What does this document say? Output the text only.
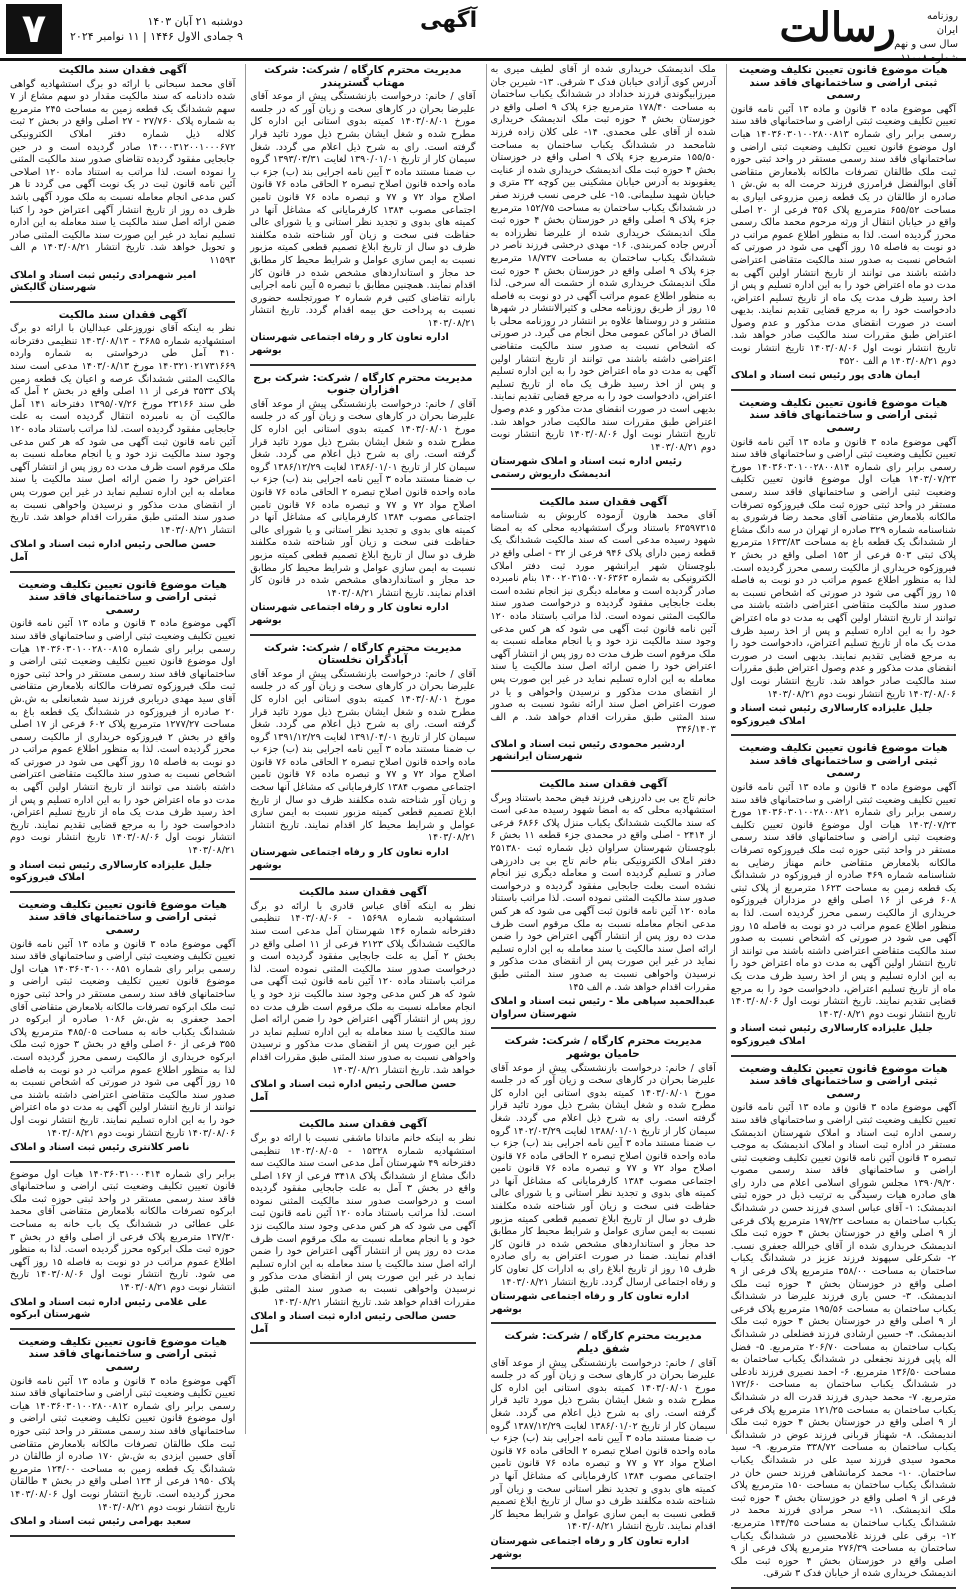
روزنامه
ایران
سال سی و نهم
شماره ۱۱۰۰۸
رسالت
آگهی
دوشنبه ۲۱ آبان ۱۴۰۳
۹ جمادی الاول ۱۴۴۶ | ۱۱ نوامبر ۲۰۲۴
۷
هیات موضوع قانون تعیین تکلیف وضعیت ثبتی اراضی و ساختمانهای فاقد سند رسمی

آگهی موضوع ماده ۳ قانون و ماده ۱۳ آئین نامه قانون تعیین تکلیف وضعیت ثبتی اراضی و ساختمانهای فاقد سند رسمی برابر رای شماره ۱۴۰۳۶۰۳۰۱۰۰۲۸۰۰۸۱۳ هیات اول موضوع قانون تعیین تکلیف وضعیت ثبتی اراضی و ساختمانهای فاقد سند رسمی مستقر در واحد ثبتی حوزه ثبت ملک طالقان تصرفات مالکانه بلامعارض متقاضی آقای ابوالفضل فرامرزی فرزند حرمت اله به ش.ش ۱ صادره از طالقان در یک قطعه زمین مزروعی ابیاری به مساحت ۶۵۵/۵۲ مترمربع پلاک ۳۵۶ فرعی از ۲۰ اصلی واقع در خیابان انتقال از ورثه مرحوم محمد مالک رسمی محرز گردیده است. لذا به منظور اطلاع عموم مراتب در دو نوبت به فاصله ۱۵ روز آگهی می شود در صورتی که اشخاص نسبت به صدور سند مالکیت متقاضی اعتراضی داشته باشند می توانند از تاریخ انتشار اولین آگهی به مدت دو ماه اعتراض خود را به این اداره تسلیم و پس از اخذ رسید ظرف مدت یک ماه از تاریخ تسلیم اعتراض، دادخواست خود را به مرجع قضایی تقدیم نمایند. بدیهی است در صورت انقضای مدت مذکور و عدم وصول اعتراض طبق مقررات سند مالکیت صادر خواهد شد. تاریخ انتشار نوبت اول ۱۴۰۳/۰۸/۰۶ تاریخ انتشار نوبت دوم ۱۴۰۳/۰۸/۲۱ م الف ۴۵۲۰

ایمان هادی پور رئیس ثبت اسناد و املاک
هیات موضوع قانون تعیین تکلیف وضعیت ثبتی اراضی و ساختمانهای فاقد سند رسمی

آگهی موضوع ماده ۳ قانون و ماده ۱۳ آئین نامه قانون تعیین تکلیف وضعیت ثبتی اراضی و ساختمانهای فاقد سند رسمی برابر رای شماره ۱۴۰۳۶۰۳۰۱۰۰۲۸۰۰۸۱۴ مورخ ۱۴۰۳/۰۷/۲۳ هیات اول موضوع قانون تعیین تکلیف وضعیت ثبتی اراضی و ساختمانهای فاقد سند رسمی مستقر در واحد ثبتی حوزه ثبت ملک فیروزکوه تصرفات مالکانه بلامعارض متقاضی آقای محمد رضا فرشوری به شناسنامه شماره ۳۲۹ صادره از تهران در سه دانگ مشاع از ششدانگ یک قطعه باغ به مساحت ۱۶۳۳/۸۳ مترمربع پلاک ثبتی ۵۰۳ فرعی از ۱۵۳ اصلی واقع در بخش ۲ فیروزکوه خریداری از مالکیت رسمی محرز گردیده است. لذا به منظور اطلاع عموم مراتب در دو نوبت به فاصله ۱۵ روز آگهی می شود در صورتی که اشخاص نسبت به صدور سند مالکیت متقاضی اعتراضی داشته باشند می توانند از تاریخ انتشار اولین آگهی به مدت دو ماه اعتراض خود را به این اداره تسلیم و پس از اخذ رسید ظرف مدت یک ماه از تاریخ تسلیم اعتراض، دادخواست خود را به مرجع قضایی تقدیم نمایند. بدیهی است در صورت انقضای مدت مذکور و عدم وصول اعتراض طبق مقررات سند مالکیت صادر خواهد شد. تاریخ انتشار نوبت اول ۱۴۰۳/۰۸/۰۶ تاریخ انتشار نوبت دوم ۱۴۰۳/۰۸/۲۱

جلیل علیزاده کارسالاری رئیس ثبت اسناد و املاک فیروزکوه
هیات موضوع قانون تعیین تکلیف وضعیت ثبتی اراضی و ساختمانهای فاقد سند رسمی

آگهی موضوع ماده ۳ قانون و ماده ۱۳ آئین نامه قانون تعیین تکلیف وضعیت ثبتی اراضی و ساختمانهای فاقد سند رسمی برابر رای شماره ۱۴۰۳۶۰۳۰۱۰۰۲۸۰۰۸۲۱ مورخ ۱۴۰۳/۰۷/۲۳ هیات اول موضوع قانون تعیین تکلیف وضعیت ثبتی اراضی و ساختمانهای فاقد سند رسمی مستقر در واحد ثبتی حوزه ثبت ملک فیروزکوه تصرفات مالکانه بلامعارض متقاضی خانم مهناز رضایی به شناسنامه شماره ۴۶۹ صادره از فیروزکوه در ششدانگ یک قطعه زمین به مساحت ۱۶۲۳ مترمربع از پلاک ثبتی ۶۰۸ فرعی از ۱۶ اصلی واقع در مزداران فیروزکوه خریداری از مالکیت رسمی محرز گردیده است. لذا به منظور اطلاع عموم مراتب در دو نوبت به فاصله ۱۵ روز آگهی می شود در صورتی که اشخاص نسبت به صدور سند مالکیت متقاضی اعتراضی داشته باشند می توانند از تاریخ انتشار اولین آگهی به مدت دو ماه اعتراض خود را به این اداره تسلیم و پس از اخذ رسید ظرف مدت یک ماه از تاریخ تسلیم اعتراض، دادخواست خود را به مرجع قضایی تقدیم نمایند. تاریخ انتشار نوبت اول ۱۴۰۳/۰۸/۰۶ تاریخ انتشار نوبت دوم ۱۴۰۳/۰۸/۲۱

جلیل علیزاده کارسالاری رئیس ثبت اسناد و املاک فیروزکوه
هیات موضوع قانون تعیین تکلیف وضعیت ثبتی اراضی و ساختمانهای فاقد سند رسمی

آگهی موضوع ماده ۳ قانون و ماده ۱۳ آئین نامه قانون تعیین تکلیف وضعیت ثبتی اراضی و ساختمانهای فاقد سند رسمی اداره ثبت اسناد و املاک شهرستان اندیمشک مستقر در اداره ثبت اسناد و املاک اندیمشک به موجب تبصره ۳ قانون آئین نامه قانون تعیین تکلیف وضعیت ثبتی اراضی و ساختمانهای فاقد سند رسمی مصوب ۱۳۹۰/۹/۲۰ مجلس شورای اسلامی اعلام می دارد رای های صادره هیات رسیدگی به ترتیب ذیل در حوزه ثبتی اندیمشک: ۱- آقای عباس اسدی فرزند حسن در ششدانگ یکباب ساختمان به مساحت ۱۹۷/۲۲ مترمربع پلاک فرعی از ۹ اصلی واقع در خوزستان بخش ۴ حوزه ثبت ملک اندیمشک خریداری شده از آقای خیرالله جعفری نسب. ۲- شکرعلی سپهوند فرزند عزیز در ششدانگ یکباب ساختمان به مساحت ۳۵۸/۰۰ مترمربع پلاک فرعی از ۹ اصلی واقع در خوزستان بخش ۴ حوزه ثبت ملک اندیمشک. ۳- حسن یاری فرزند علیرضا در ششدانگ یکباب ساختمان به مساحت ۱۹۵/۵۶ مترمربع پلاک فرعی از ۹ اصلی واقع در خوزستان بخش ۴ حوزه ثبت ملک اندیمشک. ۴- حسین ارشادی فرزند فضلعلی در ششدانگ یکباب ساختمان به مساحت ۲۰۶/۷۰ مترمربع. ۵- فضل اله پاپی فرزند نجفعلی در ششدانگ یکباب ساختمان به مساحت ۱۳۶/۵۰ مترمربع. ۶- احمد نصیری فرزند نادعلی در ششدانگ یکباب ساختمان به مساحت ۱۷۲/۶۰ مترمربع. ۷- محمد حیدری فرزند قدرت اله در ششدانگ یکباب ساختمان به مساحت ۱۲۱/۲۵ مترمربع پلاک فرعی از ۹ اصلی واقع در خوزستان بخش ۴ حوزه ثبت ملک اندیمشک. ۸- شهناز قربانی فرزند عوض در ششدانگ یکباب ساختمان به مساحت ۳۳۸/۷۲ مترمربع. ۹- سید محمود سیدی فرزند سید علی در ششدانگ یکباب ساختمان. ۱۰- محمد کرمانشاهی فرزند حسن خان در ششدانگ یکباب ساختمان به مساحت ۱۵۰ مترمربع پلاک فرعی از ۹ اصلی واقع در خوزستان بخش ۴ حوزه ثبت ملک اندیمشک. ۱۱- سحر مرادی فرزند محمد در ششدانگ یکباب ساختمان به مساحت ۱۴۴/۴۵ مترمربع. ۱۲- برقی علی فرزند غلامحسین در ششدانگ یکباب ساختمان به مساحت ۲۷۶/۳۹ مترمربع پلاک فرعی از ۹ اصلی واقع در خوزستان بخش ۴ حوزه ثبت ملک اندیمشک خریداری شده از خیابان فدک ۳ شرقی.

ملک اندیمشک خریداری شده از آقای لطیف میری به آدرس کوی آزادی خیابان فدک ۳ شرقی. ۱۳- شیرین جان میرزابیگوندی فرزند خداداد در ششدانگ یکباب ساختمان به مساحت ۱۷۸/۴۰ مترمربع جزء پلاک ۹ اصلی واقع در خوزستان بخش ۴ حوزه ثبت ملک اندیمشک خریداری شده از آقای علی محمدی. ۱۴- علی کلان زاده فرزند شامحمد در ششدانگ یکباب ساختمان به مساحت ۱۵۵/۵۰ مترمربع جزء پلاک ۹ اصلی واقع در خوزستان بخش ۴ حوزه ثبت ملک اندیمشک خریداری شده از عنایت یعقوبوند به آدرس خیابان مشکینی بین کوچه ۳۲ متری و خیابان شهید سلیمانی. ۱۵- علی خرمی نسب فرزند صفر در ششدانگ یکباب ساختمان به مساحت ۱۵۲/۷۵ مترمربع جزء پلاک ۹ اصلی واقع در خوزستان بخش ۴ حوزه ثبت ملک اندیمشک خریداری شده از علیرضا نظرزاده به آدرس جاده کمربندی. ۱۶- مهدی درخشی فرزند ناصر در ششدانگ یکباب ساختمان به مساحت ۱۸/۷۳۷ مترمربع جزء پلاک ۹ اصلی واقع در خوزستان بخش ۴ حوزه ثبت ملک اندیمشک خریداری شده از حشمت اله سرخی. لذا به منظور اطلاع عموم مراتب آگهی در دو نوبت به فاصله ۱۵ روز از طریق روزنامه محلی و کثیرالانتشار در شهرها منتشر و در روستاها علاوه بر انتشار در روزنامه محلی با الصاق در اماکن عمومی محل انجام می گیرد. در صورتی که اشخاص نسبت به صدور سند مالکیت متقاضی اعتراضی داشته باشند می توانند از تاریخ انتشار اولین آگهی به مدت دو ماه اعتراض خود را به این اداره تسلیم و پس از اخذ رسید ظرف یک ماه از تاریخ تسلیم اعتراض، دادخواست خود را به مرجع قضایی تقدیم نمایند. بدیهی است در صورت انقضای مدت مذکور و عدم وصول اعتراض طبق مقررات سند مالکیت صادر خواهد شد. تاریخ انتشار نوبت اول ۱۴۰۳/۰۸/۰۶ تاریخ انتشار نوبت دوم ۱۴۰۳/۰۸/۲۱

رئیس اداره ثبت اسناد و املاک شهرستان اندیمشک داریوش رستمی
آگهی فقدان سند مالکیت

آقای محمد هارون آزموده کاربوش به شناسنامه ۶۳۵۹۷۳۱۵ باستناد وبرگ استشهادیه محلی که به امضا شهود رسیده مدعی است که سند مالکیت ششدانگ یک قطعه زمین دارای پلاک ۹۴۶ فرعی از ۳۲ - اصلی واقع در بلوچستان شهر ایرانشهر مورد ثبت دفتر املاک الکترونیکی به شماره ۱۴۰۰۲۰۳۱۵۰۰۷۰۶۳۶۳ بنام نامبرده صادر گردیده است و معامله دیگری نیز انجام نشده است بعلت جابجایی مفقود گردیده و درخواست صدور سند مالکیت المثنی نموده است. لذا مراتب باستناد ماده ۱۲۰ آئین نامه قانون ثبت آگهی می شود که هر کس مدعی وجود سند مالکیت نزد خود و یا انجام معامله نسبت به ملک مرقوم است ظرف مدت ده روز پس از انتشار آگهی اعتراض خود را ضمن ارائه اصل سند مالکیت یا سند معامله به این اداره تسلیم نماید در غیر این صورت پس از انقضای مدت مذکور و نرسیدن واخواهی و یا در صورت اعتراض اصل سند ارائه نشود نسبت به صدور سند المثنی طبق مقررات اقدام خواهد شد. م الف ۳۴۶/۱۴۰۳

اردشیر محمودی رئیس ثبت اسناد و املاک شهرستان ایرانشهر
آگهی فقدان سند مالکیت

خانم تاج بی بی دادرزهی فرزند فیض محمد باستناد وبرگ استشهادیه محلی که به امضا شهود رسیده مدعی است که سند مالکیت ششدانگ یکباب منزل پلاک ۶۸۶۶ فرعی از ۲۴۱۴ - اصلی واقع در محمدی جزء قطعه ۱۱ بخش ۶ بلوچستان شهرستان سراوان ذیل شماره ثبت ۲۵۱۳۸۰ دفتر املاک الکترونیکی بنام خانم تاج بی بی دادرزهی صادر و تسلیم گردیده است و معامله دیگری نیز انجام نشده است بعلت جابجایی مفقود گردیده و درخواست صدور سند مالکیت المثنی نموده است. لذا مراتب باستناد ماده ۱۲۰ آئین نامه قانون ثبت آگهی می شود که هر کس مدعی انجام معامله نسبت به ملک مرقوم است ظرف مدت ده روز پس از انتشار آگهی اعتراض خود را ضمن ارائه اصل سند مالکیت یا سند معامله به این اداره تسلیم نماید در غیر این صورت پس از انقضای مدت مذکور و نرسیدن واخواهی نسبت به صدور سند المثنی طبق مقررات اقدام خواهد شد. م الف ۱۴۵

عبدالحمید سپاهی ملا - رئیس ثبت اسناد و املاک شهرستان سراوان
مدیریت محترم کارگاه / شرکت: شرکت حامیان بوشهر

آقای / خانم: درخواست بازنشستگی پیش از موعد آقای علیرضا بحران در کارهای سخت و زیان آور که در جلسه مورخ ۱۴۰۳/۰۸/۰۱ کمیته بدوی استانی این اداره کل مطرح شده و شغل ایشان بشرح ذیل مورد تائید قرار گرفته است. رای به شرح ذیل اعلام می گردد. شغل سیمان کار از تاریخ ۱۳۸۸/۰۱/۰۱ لغایت ۱۴۰۲/۰۳/۲۹ گروه ب ضمنا مستند ماده ۳ آیین نامه اجرایی بند (ب) جزء ب ماده واحده قانون اصلاح تبصره ۲ الحاقی ماده ۷۶ قانون اصلاح مواد ۷۲ و ۷۷ و تبصره ماده ۷۶ قانون تامین اجتماعی مصوب ۱۳۸۴ کارفرمایانی که مشاغل آنها در کمیته های بدوی و تجدید نظر استانی و یا شورای عالی حفاظت فنی سخت و زیان آور شناخته شده مکلفند ظرف دو سال از تاریخ ابلاغ تصمیم قطعی کمیته مزبور نسبت به ایمن سازی عوامل و شرایط محیط کار مطابق حد مجاز و استانداردهای مشخص شده در قانون کار اقدام نمایند. ضمنا در صورت اعتراض به رای صادره ظرف ۱۵ روز از تاریخ ابلاغ رای به ادارات کل تعاون کار و رفاه اجتماعی ارسال گردد. تاریخ انتشار ۱۴۰۳/۰۸/۲۱

اداره تعاون کار و رفاه اجتماعی شهرستان بوشهر
مدیریت محترم کارگاه / شرکت: شرکت شفق دیلم

آقای / خانم: درخواست بازنشستگی پیش از موعد آقای علیرضا بحران در کارهای سخت و زیان آور که در جلسه مورخ ۱۴۰۳/۰۸/۰۱ کمیته بدوی استانی این اداره کل مطرح شده و شغل ایشان بشرح ذیل مورد تائید قرار گرفته است. رای به شرح ذیل اعلام می گردد. شغل سیمان کار از تاریخ ۱۳۸۶/۰۱/۰۲ لغایت ۱۳۸۷/۱۲/۲۹ گروه ب ضمنا مستند ماده ۳ آیین نامه اجرایی بند (ب) جزء ب ماده واحده قانون اصلاح تبصره ۲ الحاقی ماده ۷۶ قانون اصلاح مواد ۷۲ و ۷۷ و تبصره ماده ۷۶ قانون تامین اجتماعی مصوب ۱۳۸۴ کارفرمایانی که مشاغل آنها در کمیته های بدوی و تجدید نظر استانی سخت و زیان آور شناخته شده مکلفند ظرف دو سال از تاریخ ابلاغ تصمیم قطعی نسبت به ایمن سازی عوامل و شرایط محیط کار اقدام نمایند. تاریخ انتشار ۱۴۰۳/۰۸/۲۱

اداره تعاون کار و رفاه اجتماعی شهرستان بوشهر
مدیریت محترم کارگاه / شرکت: شرکت مهتاب گسترپندر

آقای / خانم: درخواست بازنشستگی پیش از موعد آقای علیرضا بحران در کارهای سخت و زیان آور که در جلسه مورخ ۱۴۰۳/۰۸/۰۱ کمیته بدوی استانی این اداره کل مطرح شده و شغل ایشان بشرح ذیل مورد تائید قرار گرفته است. رای به شرح ذیل اعلام می گردد. شغل سیمان کار از تاریخ ۱۳۹۰/۰۱/۰۱ لغایت ۱۳۹۳/۰۳/۳۱ گروه ب ضمنا مستند ماده ۳ آیین نامه اجرایی بند (ب) جزء ب ماده واحده قانون اصلاح تبصره ۲ الحاقی ماده ۷۶ قانون اصلاح مواد ۷۲ و ۷۷ و تبصره ماده ۷۶ قانون تامین اجتماعی مصوب ۱۳۸۴ کارفرمایانی که مشاغل آنها در کمیته های بدوی و تجدید نظر استانی و یا شورای عالی حفاظت فنی سخت و زیان آور شناخته شده مکلفند ظرف دو سال از تاریخ ابلاغ تصمیم قطعی کمیته مزبور نسبت به ایمن سازی عوامل و شرایط محیط کار مطابق حد مجاز و استانداردهای مشخص شده در قانون کار اقدام نمایند. همچنین مطابق با تبصره ۵ آیین نامه اجرایی بارانه تقاضای کتبی فرم شماره ۲ صورتجلسه حضوری نسبت به پرداخت حق بیمه اقدام گردد. تاریخ انتشار ۱۴۰۳/۰۸/۲۱

اداره تعاون کار و رفاه اجتماعی شهرستان بوشهر
مدیریت محترم کارگاه / شرکت: شرکت برج افزاران جنوب

آقای / خانم: درخواست بازنشستگی پیش از موعد آقای علیرضا بحران در کارهای سخت و زیان آور که در جلسه مورخ ۱۴۰۳/۰۸/۰۱ کمیته بدوی استانی این اداره کل مطرح شده و شغل ایشان بشرح ذیل مورد تائید قرار گرفته است. رای به شرح ذیل اعلام می گردد. شغل سیمان کار از تاریخ ۱۳۸۶/۰۱/۰۱ لغایت ۱۳۸۶/۱۲/۲۹ گروه ب ضمنا مستند ماده ۳ آیین نامه اجرایی بند (ب) جزء ب ماده واحده قانون اصلاح تبصره ۲ الحاقی ماده ۷۶ قانون اصلاح مواد ۷۲ و ۷۷ و تبصره ماده ۷۶ قانون تامین اجتماعی مصوب ۱۳۸۴ کارفرمایانی که مشاغل آنها در کمیته های بدوی و تجدید نظر استانی و یا شورای عالی حفاظت فنی سخت و زیان آور شناخته شده مکلفند ظرف دو سال از تاریخ ابلاغ تصمیم قطعی کمیته مزبور نسبت به ایمن سازی عوامل و شرایط محیط کار مطابق حد مجاز و استانداردهای مشخص شده در قانون کار اقدام نمایند. تاریخ انتشار ۱۴۰۳/۰۸/۲۱

اداره تعاون کار و رفاه اجتماعی شهرستان بوشهر
مدیریت محترم کارگاه / شرکت: شرکت آبادگران نخلستان

آقای / خانم: درخواست بازنشستگی پیش از موعد آقای علیرضا بحران در کارهای سخت و زیان آور که در جلسه مورخ ۱۴۰۳/۰۸/۰۱ کمیته بدوی استانی این اداره کل مطرح شده و شغل ایشان بشرح ذیل مورد تائید قرار گرفته است. رای به شرح ذیل اعلام می گردد. شغل سیمان کار از تاریخ ۱۳۹۱/۰۴/۰۱ لغایت ۱۳۹۱/۱۲/۲۹ گروه ب ضمنا مستند ماده ۳ آیین نامه اجرایی بند (ب) جزء ب ماده واحده قانون اصلاح تبصره ۲ الحاقی ماده ۷۶ قانون اصلاح مواد ۷۲ و ۷۷ و تبصره ماده ۷۶ قانون تامین اجتماعی مصوب ۱۳۸۴ کارفرمایانی که مشاغل آنها سخت و زیان آور شناخته شده مکلفند ظرف دو سال از تاریخ ابلاغ تصمیم قطعی کمیته مزبور نسبت به ایمن سازی عوامل و شرایط محیط کار اقدام نمایند. تاریخ انتشار ۱۴۰۳/۰۸/۲۱

اداره تعاون کار و رفاه اجتماعی شهرستان بوشهر
آگهی فقدان سند مالکیت

نظر به اینکه آقای عباس قادری با ارائه دو برگ استشهادیه شماره ۱۵۶۹۸ - ۱۴۰۳/۰۸/۰۶ تنظیمی دفترخانه شماره ۱۴۶ شهرستان آمل مدعی است سند مالکیت ششدانگ پلاک ۲۱۲۳ فرعی از ۱۱ اصلی واقع در بخش ۲ آمل به علت جابجایی مفقود گردیده است و درخواست صدور سند مالکیت المثنی نموده است. لذا مراتب باستناد ماده ۱۲۰ آئین نامه قانون ثبت آگهی می شود که هر کس مدعی وجود سند مالکیت نزد خود و یا انجام معامله نسبت به ملک مرقوم است ظرف مدت ده روز پس از انتشار آگهی اعتراض خود را ضمن ارائه اصل سند مالکیت یا سند معامله به این اداره تسلیم نماید در غیر این صورت پس از انقضای مدت مذکور و نرسیدن واخواهی نسبت به صدور سند المثنی طبق مقررات اقدام خواهد شد. تاریخ انتشار ۱۴۰۳/۰۸/۲۱

حسن صالحی رئیس اداره ثبت اسناد و املاک آمل
آگهی فقدان سند مالکیت

نظر به اینکه خانم ماندانا ماشفی نسبت با ارائه دو برگ استشهادیه شماره ۱۵۳۲۸ - ۱۴۰۳/۰۸/۰۵ تنظیمی دفترخانه ۴۹ شهرستان آمل مدعی است سند مالکیت سه دانگ مشاع از ششدانگ پلاک ۳۴۱۸ فرعی از ۱۶۷ اصلی واقع در بخش ۳ آمل به علت جابجایی مفقود گردیده است و درخواست صدور سند مالکیت المثنی نموده است. لذا مراتب باستناد ماده ۱۲۰ آئین نامه قانون ثبت آگهی می شود که هر کس مدعی وجود سند مالکیت نزد خود و یا انجام معامله نسبت به ملک مرقوم است ظرف مدت ده روز پس از انتشار آگهی اعتراض خود را ضمن ارائه اصل سند مالکیت یا سند معامله به این اداره تسلیم نماید در غیر این صورت پس از انقضای مدت مذکور و نرسیدن واخواهی نسبت به صدور سند المثنی طبق مقررات اقدام خواهد شد. تاریخ انتشار ۱۴۰۳/۰۸/۲۱

حسن صالحی رئیس اداره ثبت اسناد و املاک آمل
آگهی فقدان سند مالکیت

آقای محمد سبحانی با ارائه دو برگ استشهادیه گواهی شده دادنامه که سند مالکیت مقدار دو سهم مشاع از ۷ سهم ششدانگ یک قطعه زمین به مساحت ۲۴۵ مترمربع به شماره پلاک ۲۷/۷۶۰ - ۲۷ اصلی واقع در بخش ۲ ثبت کلاله ذیل شماره دفتر املاک الکترونیکی ۱۴۰۰۰۳۱۲۰۰۱۰۰۰۶۷۲ صادر گردیده است و در حین جابجایی مفقود گردیده تقاضای صدور سند مالکیت المثنی را نموده است. لذا مراتب به استناد ماده ۱۲۰ اصلاحی آئین نامه قانون ثبت در یک نوبت آگهی می گردد تا هر کس مدعی انجام معامله نسبت به ملک مورد آگهی باشد ظرف ده روز از تاریخ انتشار آگهی اعتراض خود را کتبا ضمن ارائه اصل سند مالکیت یا سند معامله به این اداره تسلیم نماید در غیر این صورت سند مالکیت المثنی صادر و تحویل خواهد شد. تاریخ انتشار ۱۴۰۳/۰۸/۲۱ م الف ۱۱۵۹۳

امیر شهمرادی رئیس ثبت اسناد و املاک شهرستان گالیکش
آگهی فقدان سند مالکیت

نظر به اینکه آقای نوروزعلی عبدالیان با ارائه دو برگ استشهادیه شماره ۳۶۸۵ - ۱۴۰۳/۰۸/۱۳ تنظیمی دفترخانه ۴۱۰ آمل طی درخواستی به شماره وارده ۱۴۰۳۲۱۰۲۱۷۳۱۶۶۹ مورخ ۱۴۰۳/۰۸/۱۳ مدعی است سند مالکیت المثنی ششدانگ عرصه و اعیان یک قطعه زمین پلاک ۳۵۳۳ فرعی از ۱۱ اصلی واقع در بخش ۲ آمل که طی سند ۲۳۱۶۶ مورخ ۱۳۹۵/۰۷/۲۶ دفترخانه ۱۴۱ آمل مالکیت آن به نامبرده انتقال گردیده است به علت جابجایی مفقود گردیده است. لذا مراتب باستناد ماده ۱۲۰ آئین نامه قانون ثبت آگهی می شود که هر کس مدعی وجود سند مالکیت نزد خود و یا انجام معامله نسبت به ملک مرقوم است ظرف مدت ده روز پس از انتشار آگهی اعتراض خود را ضمن ارائه اصل سند مالکیت یا سند معامله به این اداره تسلیم نماید در غیر این صورت پس از انقضای مدت مذکور و نرسیدن واخواهی نسبت به صدور سند المثنی طبق مقررات اقدام خواهد شد. تاریخ انتشار ۱۴۰۳/۰۸/۲۱

حسن صالحی رئیس اداره ثبت اسناد و املاک آمل
هیات موضوع قانون تعیین تکلیف وضعیت ثبتی اراضی و ساختمانهای فاقد سند رسمی

آگهی موضوع ماده ۳ قانون و ماده ۱۳ آئین نامه قانون تعیین تکلیف وضعیت ثبتی اراضی و ساختمانهای فاقد سند رسمی برابر رای شماره ۱۴۰۳۶۰۳۰۱۰۰۲۸۰۰۸۱۵ هیات اول موضوع قانون تعیین تکلیف وضعیت ثبتی اراضی و ساختمانهای فاقد سند رسمی مستقر در واحد ثبتی حوزه ثبت ملک فیروزکوه تصرفات مالکانه بلامعارض متقاضی آقای سید مهدی دریابری فرزند سید شعبانعلی به ش.ش ۲۰ صادره از فیروزکوه در ششدانگ یک قطعه باغ به مساحت ۱۲۷۷/۲۷ مترمربع پلاک ۶۰۲ فرعی از ۱۷ اصلی واقع در بخش ۲ فیروزکوه خریداری از مالکیت رسمی محرز گردیده است. لذا به منظور اطلاع عموم مراتب در دو نوبت به فاصله ۱۵ روز آگهی می شود در صورتی که اشخاص نسبت به صدور سند مالکیت متقاضی اعتراضی داشته باشند می توانند از تاریخ انتشار اولین آگهی به مدت دو ماه اعتراض خود را به این اداره تسلیم و پس از اخذ رسید ظرف مدت یک ماه از تاریخ تسلیم اعتراض، دادخواست خود را به مرجع قضایی تقدیم نمایند. تاریخ انتشار نوبت اول ۱۴۰۳/۰۸/۰۶ تاریخ انتشار نوبت دوم ۱۴۰۳/۰۸/۲۱

جلیل علیزاده کارسالاری رئیس ثبت اسناد و املاک فیروزکوه
هیات موضوع قانون تعیین تکلیف وضعیت ثبتی اراضی و ساختمانهای فاقد سند رسمی

آگهی موضوع ماده ۳ قانون و ماده ۱۳ آئین نامه قانون تعیین تکلیف وضعیت ثبتی اراضی و ساختمانهای فاقد سند رسمی برابر رای شماره ۱۴۰۳۶۰۳۰۱۰۰۰۸۵۱ هیات اول موضوع قانون تعیین تکلیف وضعیت ثبتی اراضی و ساختمانهای فاقد سند رسمی مستقر در واحد ثبتی حوزه ثبت ملک ابرکوه تصرفات مالکانه بلامعارض متقاضی آقای احمد جعفری به ش.ش ۱۰۸۶ صادره از ابرکوه در ششدانگ یکباب خانه به مساحت ۴۸۵/۰۵ مترمربع پلاک ۳۵۵ فرعی از ۶۰ اصلی واقع در بخش ۳ حوزه ثبت ملک ابرکوه خریداری از مالکیت رسمی محرز گردیده است. لذا به منظور اطلاع عموم مراتب در دو نوبت به فاصله ۱۵ روز آگهی می شود در صورتی که اشخاص نسبت به صدور سند مالکیت متقاضی اعتراضی داشته باشند می توانند از تاریخ انتشار اولین آگهی به مدت دو ماه اعتراض خود را به این اداره تسلیم نمایند. تاریخ انتشار نوبت اول ۱۴۰۳/۰۸/۰۶ تاریخ انتشار نوبت دوم ۱۴۰۳/۰۸/۲۱

ناصر کلانتری رئیس ثبت اسناد و املاک

برابر رای شماره ۱۴۰۳۶۰۳۱۰۰۰۴۱۴ هیات اول موضوع قانون تعیین تکلیف وضعیت ثبتی اراضی و ساختمانهای فاقد سند رسمی مستقر در واحد ثبتی حوزه ثبت ملک ابرکوه تصرفات مالکانه بلامعارض متقاضی آقای محمد علی عطائی در ششدانگ یک باب خانه به مساحت ۱۳۷/۳۰ مترمربع پلاک فرعی از اصلی واقع در بخش ۳ حوزه ثبت ملک ابرکوه محرز گردیده است. لذا به منظور اطلاع عموم مراتب در دو نوبت به فاصله ۱۵ روز آگهی می شود. تاریخ انتشار نوبت اول ۱۴۰۳/۰۸/۰۶ تاریخ انتشار نوبت دوم ۱۴۰۳/۰۸/۲۱

علی غلامی رئیس اداره ثبت اسناد و املاک شهرستان ابرکوه
هیات موضوع قانون تعیین تکلیف وضعیت ثبتی اراضی و ساختمانهای فاقد سند رسمی

آگهی موضوع ماده ۳ قانون و ماده ۱۳ آئین نامه قانون تعیین تکلیف وضعیت ثبتی اراضی و ساختمانهای فاقد سند رسمی برابر رای شماره ۱۴۰۳۶۰۳۰۱۰۰۲۸۰۰۸۱۲ هیات اول موضوع قانون تعیین تکلیف وضعیت ثبتی اراضی و ساختمانهای فاقد سند رسمی مستقر در واحد ثبتی حوزه ثبت ملک طالقان تصرفات مالکانه بلامعارض متقاضی آقای حسین ایزدی به ش.ش ۱۷۰ صادره از طالقان در ششدانگ یک قطعه زمین به مساحت ۱۲۴/۰۰ مترمربع پلاک ۱۹۵۰ فرعی از ۱۲۴ اصلی واقع در بخش ۴ طالقان محرز گردیده است. تاریخ انتشار نوبت اول ۱۴۰۳/۰۸/۰۶ تاریخ انتشار نوبت دوم ۱۴۰۳/۰۸/۲۱

سعید بهرامی رئیس ثبت اسناد و املاک
